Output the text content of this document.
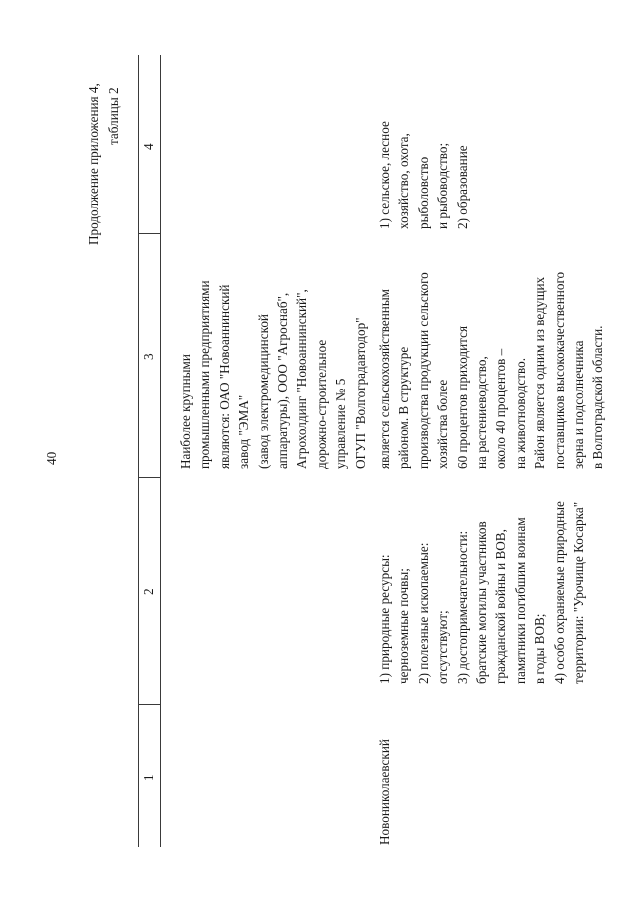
40
Продолжение приложения 4, таблицы 2
1
2
3
4
Новониколаевский
1) природные ресурсы: черноземные почвы; 2) полезные ископаемые: отсутствуют; 3) достопримечательности: братские могилы участников гражданской войны и ВОВ, памятники погибшим воинам в годы ВОВ; 4) особо охраняемые природные территории: "Урочище Косарка"
Наиболее крупными промышленными предприятиями являются: ОАО "Новоаннинский завод "ЭМА" (завод электромедицинской аппаратуры), ООО "Агроснаб", Агрохолдинг "Новоаннинский", дорожно-строительное управление № 5 ОГУП "Волгоградавтодор" является сельскохозяйственным районом. В структуре производства продукции сельского хозяйства более 60 процентов приходится на растениеводство, около 40 процентов – на животноводство. Район является одним из ведущих поставщиков высококачественного зерна и подсолнечника в Волгоградской области.
1) сельское, лесное хозяйство, охота, рыболовство и рыбоводство; 2) образование
